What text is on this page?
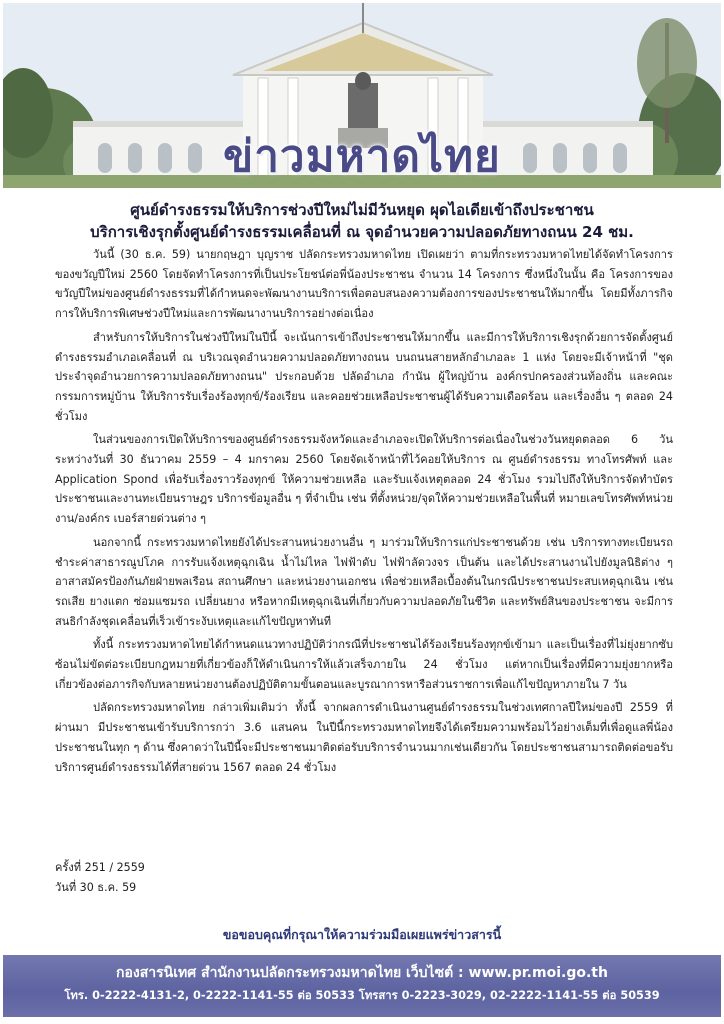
ข่าวมหาดไทย
ศูนย์ดำรงธรรมให้บริการช่วงปีใหม่ไม่มีวันหยุด ผุดไอเดียเข้าถึงประชาชน
บริการเชิงรุกตั้งศูนย์ดำรงธรรมเคลื่อนที่ ณ จุดอำนวยความปลอดภัยทางถนน 24 ชม.

วันนี้ (30 ธ.ค. 59) นายกฤษฎา บุญราช ปลัดกระทรวงมหาดไทย เปิดเผยว่า ตามที่กระทรวงมหาดไทยได้จัดทำโครงการของขวัญปีใหม่ 2560 โดยจัดทำโครงการที่เป็นประโยชน์ต่อพี่น้องประชาชน จำนวน 14 โครงการ ซึ่งหนึ่งในนั้น คือ โครงการของขวัญปีใหม่ของศูนย์ดำรงธรรมที่ได้กำหนดจะพัฒนางานบริการเพื่อตอบสนองความต้องการของประชาชนให้มากขึ้น โดยมีทั้งภารกิจการให้บริการพิเศษช่วงปีใหม่และการพัฒนางานบริการอย่างต่อเนื่อง

สำหรับการให้บริการในช่วงปีใหม่ในปีนี้ จะเน้นการเข้าถึงประชาชนให้มากขึ้น และมีการให้บริการเชิงรุกด้วยการจัดตั้งศูนย์ดำรงธรรมอำเภอเคลื่อนที่ ณ บริเวณจุดอำนวยความปลอดภัยทางถนน บนถนนสายหลักอำเภอละ 1 แห่ง โดยจะมีเจ้าหน้าที่ "ชุดประจำจุดอำนวยการความปลอดภัยทางถนน" ประกอบด้วย ปลัดอำเภอ กำนัน ผู้ใหญ่บ้าน องค์กรปกครองส่วนท้องถิ่น และคณะกรรมการหมู่บ้าน ให้บริการรับเรื่องร้องทุกข์/ร้องเรียน และคอยช่วยเหลือประชาชนผู้ได้รับความเดือดร้อน และเรื่องอื่น ๆ ตลอด 24 ชั่วโมง

ในส่วนของการเปิดให้บริการของศูนย์ดำรงธรรมจังหวัดและอำเภอจะเปิดให้บริการต่อเนื่องในช่วงวันหยุดตลอด 6 วัน ระหว่างวันที่ 30 ธันวาคม 2559 – 4 มกราคม 2560 โดยจัดเจ้าหน้าที่ไว้คอยให้บริการ ณ ศูนย์ดำรงธรรม ทางโทรศัพท์ และ Application Spond เพื่อรับเรื่องราวร้องทุกข์ ให้ความช่วยเหลือ และรับแจ้งเหตุตลอด 24 ชั่วโมง รวมไปถึงให้บริการจัดทำบัตรประชาชนและงานทะเบียนราษฎร บริการข้อมูลอื่น ๆ ที่จำเป็น เช่น ที่ตั้งหน่วย/จุดให้ความช่วยเหลือในพื้นที่ หมายเลขโทรศัพท์หน่วยงาน/องค์กร เบอร์สายด่วนต่าง ๆ

นอกจากนี้ กระทรวงมหาดไทยยังได้ประสานหน่วยงานอื่น ๆ มาร่วมให้บริการแก่ประชาชนด้วย เช่น บริการทางทะเบียนรถ ชำระค่าสาธารณูปโภค การรับแจ้งเหตุฉุกเฉิน น้ำไม่ไหล ไฟฟ้าดับ ไฟฟ้าลัดวงจร เป็นต้น และได้ประสานงานไปยังมูลนิธิต่าง ๆ อาสาสมัครป้องกันภัยฝ่ายพลเรือน สถานศึกษา และหน่วยงานเอกชน เพื่อช่วยเหลือเบื้องต้นในกรณีประชาชนประสบเหตุฉุกเฉิน เช่น รถเสีย ยางแตก ซ่อมแซมรถ เปลี่ยนยาง หรือหากมีเหตุฉุกเฉินที่เกี่ยวกับความปลอดภัยในชีวิต และทรัพย์สินของประชาชน จะมีการสนธิกำลังชุดเคลื่อนที่เร็วเข้าระงับเหตุและแก้ไขปัญหาทันที

ทั้งนี้ กระทรวงมหาดไทยได้กำหนดแนวทางปฏิบัติว่ากรณีที่ประชาชนได้ร้องเรียนร้องทุกข์เข้ามา และเป็นเรื่องที่ไม่ยุ่งยากซับซ้อนไม่ขัดต่อระเบียบกฎหมายที่เกี่ยวข้องก็ให้ดำเนินการให้แล้วเสร็จภายใน 24 ชั่วโมง แต่หากเป็นเรื่องที่มีความยุ่งยากหรือเกี่ยวข้องต่อภารกิจกับหลายหน่วยงานต้องปฏิบัติตามขั้นตอนและบูรณาการหารือส่วนราชการเพื่อแก้ไขปัญหาภายใน 7 วัน

ปลัดกระทรวงมหาดไทย กล่าวเพิ่มเติมว่า ทั้งนี้ จากผลการดำเนินงานศูนย์ดำรงธรรมในช่วงเทศกาลปีใหม่ของปี 2559 ที่ผ่านมา มีประชาชนเข้ารับบริการกว่า 3.6 แสนคน ในปีนี้กระทรวงมหาดไทยจึงได้เตรียมความพร้อมไว้อย่างเต็มที่เพื่อดูแลพี่น้องประชาชนในทุก ๆ ด้าน ซึ่งคาดว่าในปีนี้จะมีประชาชนมาติดต่อรับบริการจำนวนมากเช่นเดียวกัน โดยประชาชนสามารถติดต่อขอรับบริการศูนย์ดำรงธรรมได้ที่สายด่วน 1567 ตลอด 24 ชั่วโมง

ครั้งที่ 251 / 2559
วันที่ 30 ธ.ค. 59
ขอขอบคุณที่กรุณาให้ความร่วมมือเผยแพร่ข่าวสารนี้
กองสารนิเทศ สำนักงานปลัดกระทรวงมหาดไทย เว็บไซต์ : www.pr.moi.go.th
โทร. 0-2222-4131-2, 0-2222-1141-55 ต่อ 50533 โทรสาร 0-2223-3029, 02-2222-1141-55 ต่อ 50539
